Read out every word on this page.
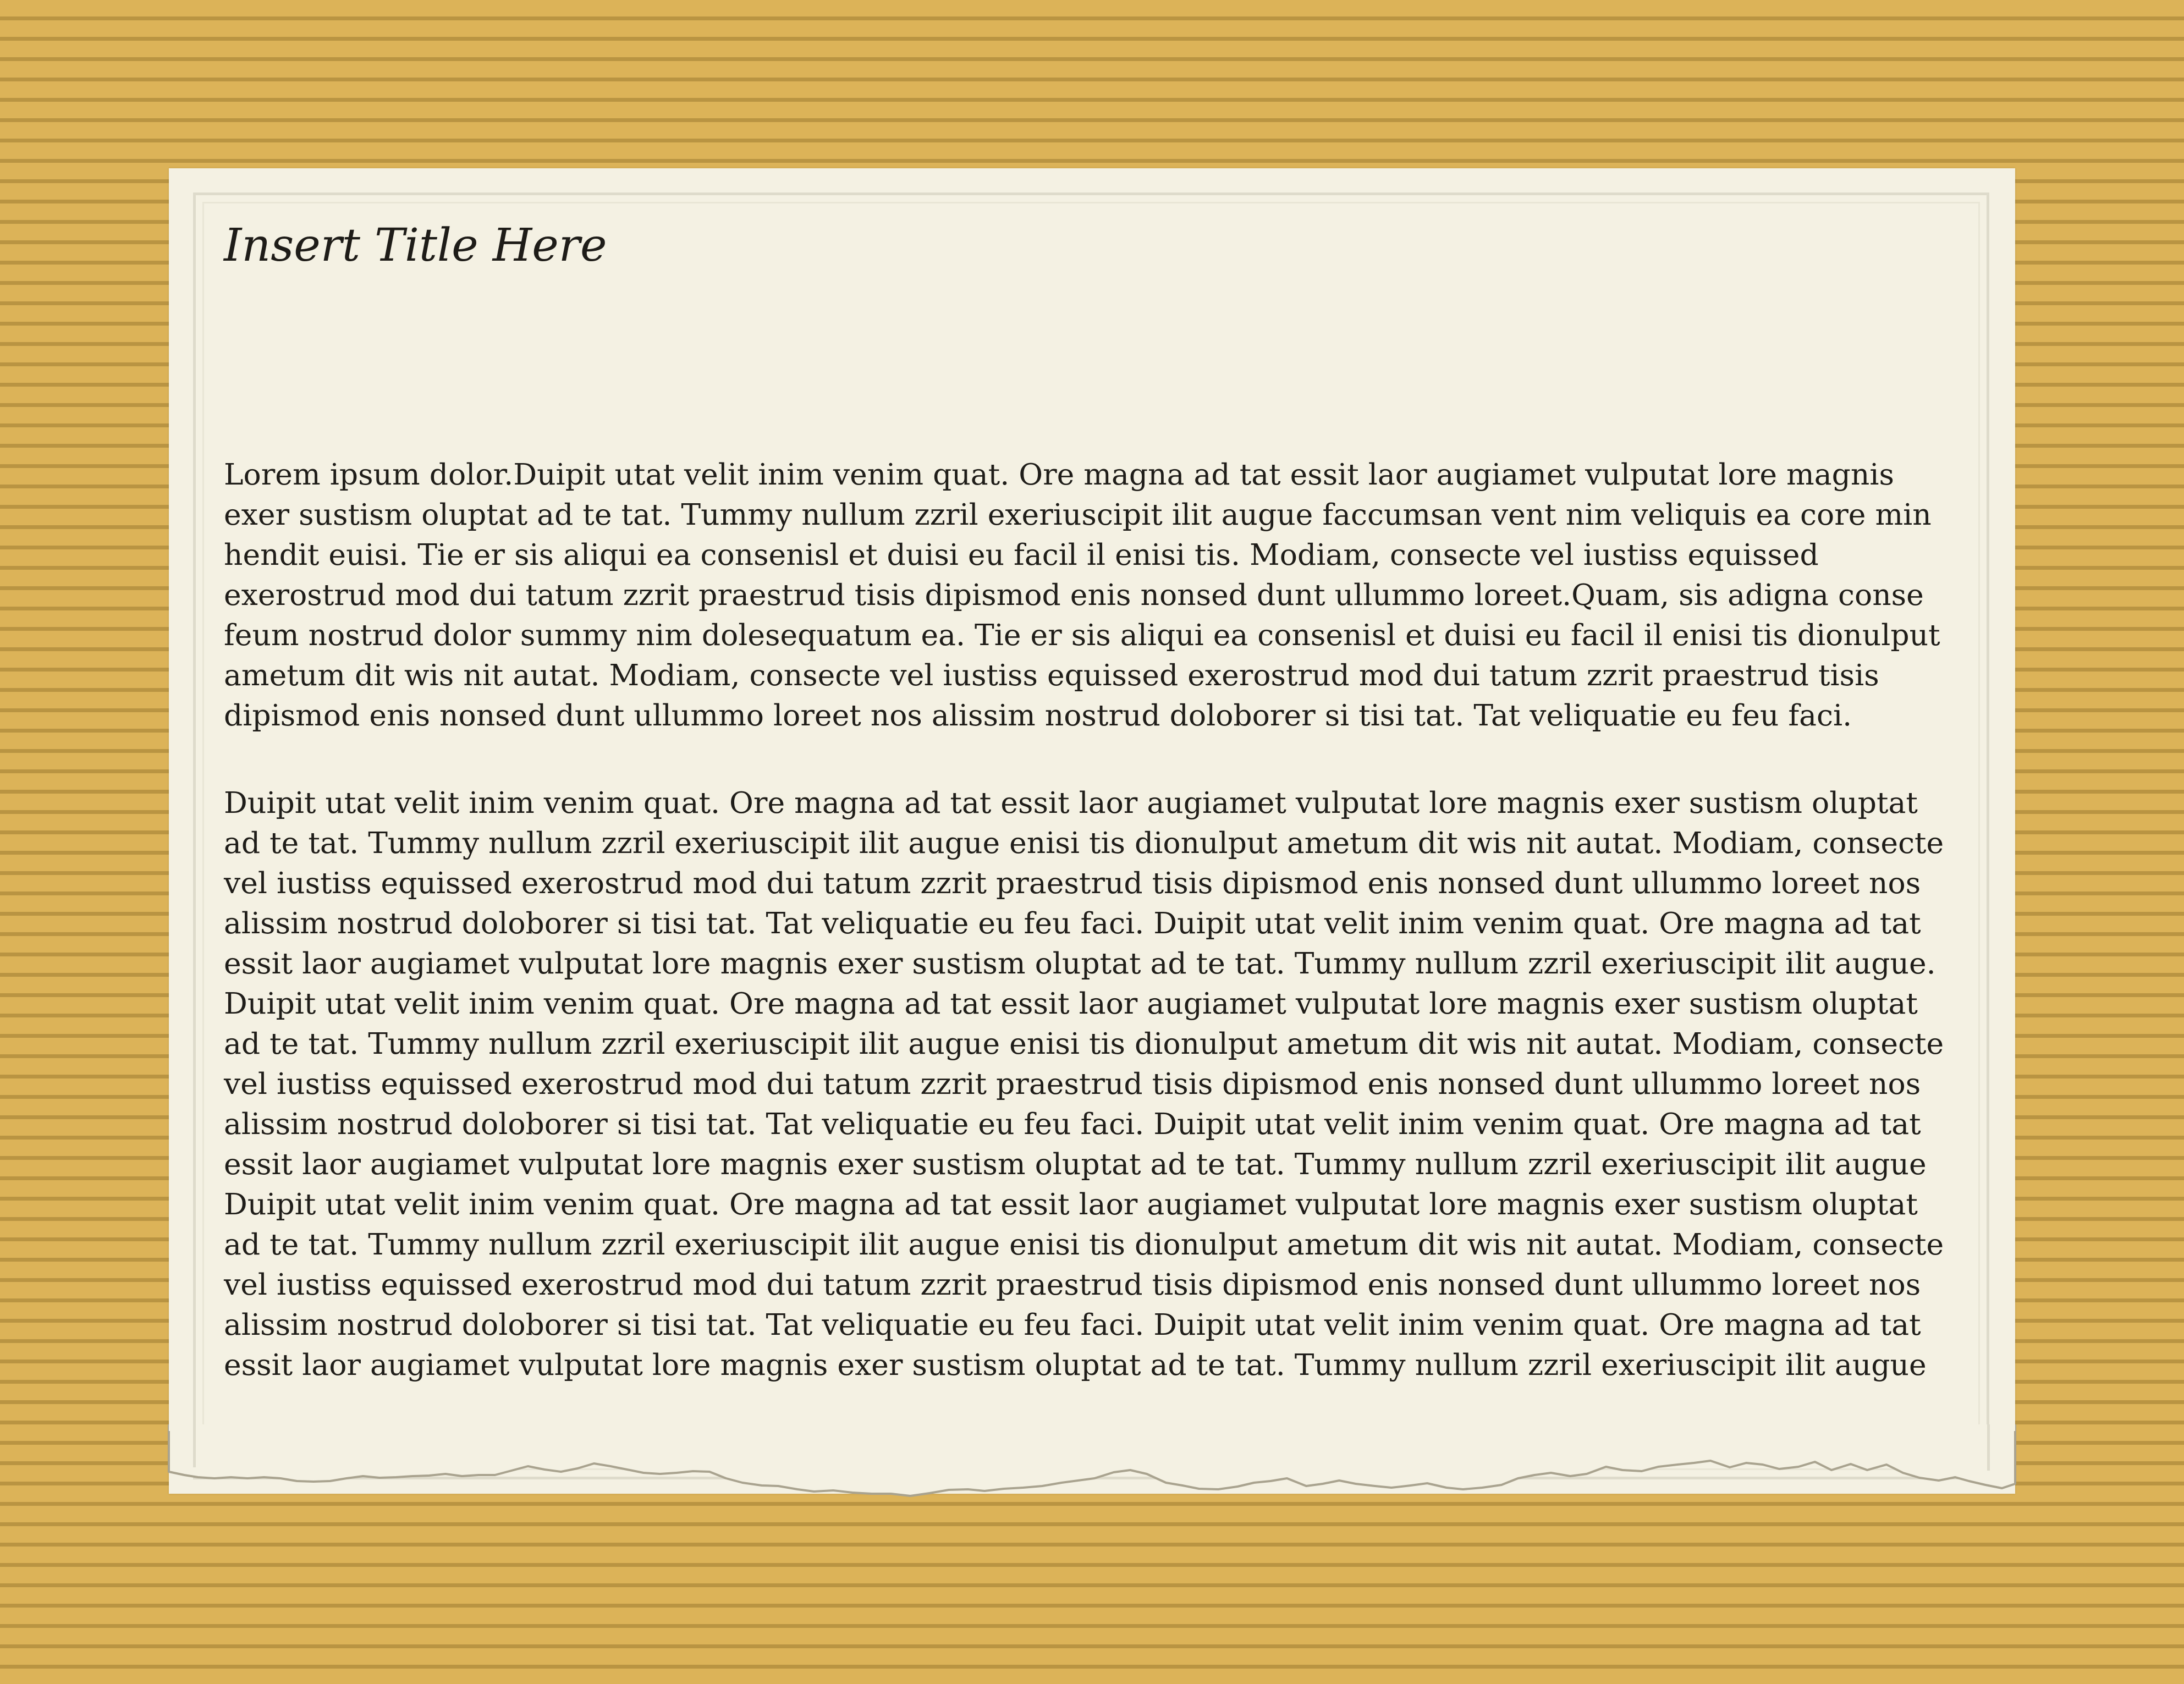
Insert Title Here

Lorem ipsum dolor.Duipit utat velit inim venim quat. Ore magna ad tat essit laor augiamet vulputat lore magnis exer sustism oluptat ad te tat. Tummy nullum zzril exeriuscipit ilit augue faccumsan vent nim veliquis ea core min hendit euisi. Tie er sis aliqui ea consenisl et duisi eu facil il enisi tis. Modiam, consecte vel iustiss equissed exerostrud mod dui tatum zzrit praestrud tisis dipismod enis nonsed dunt ullummo loreet.Quam, sis adigna conse feum nostrud dolor summy nim dolesequatum ea. Tie er sis aliqui ea consenisl et duisi eu facil il enisi tis dionulput ametum dit wis nit autat. Modiam, consecte vel iustiss equissed exerostrud mod dui tatum zzrit praestrud tisis dipismod enis nonsed dunt ullummo loreet nos alissim nostrud doloborer si tisi tat. Tat veliquatie eu feu faci.

Duipit utat velit inim venim quat. Ore magna ad tat essit laor augiamet vulputat lore magnis exer sustism oluptat ad te tat. Tummy nullum zzril exeriuscipit ilit augue enisi tis dionulput ametum dit wis nit autat. Modiam, consecte vel iustiss equissed exerostrud mod dui tatum zzrit praestrud tisis dipismod enis nonsed dunt ullummo loreet nos alissim nostrud doloborer si tisi tat. Tat veliquatie eu feu faci. Duipit utat velit inim venim quat. Ore magna ad tat essit laor augiamet vulputat lore magnis exer sustism oluptat ad te tat. Tummy nullum zzril exeriuscipit ilit augue. Duipit utat velit inim venim quat. Ore magna ad tat essit laor augiamet vulputat lore magnis exer sustism oluptat ad te tat. Tummy nullum zzril exeriuscipit ilit augue enisi tis dionulput ametum dit wis nit autat. Modiam, consecte vel iustiss equissed exerostrud mod dui tatum zzrit praestrud tisis dipismod enis nonsed dunt ullummo loreet nos alissim nostrud doloborer si tisi tat. Tat veliquatie eu feu faci. Duipit utat velit inim venim quat. Ore magna ad tat essit laor augiamet vulputat lore magnis exer sustism oluptat ad te tat. Tummy nullum zzril exeriuscipit ilit augue Duipit utat velit inim venim quat. Ore magna ad tat essit laor augiamet vulputat lore magnis exer sustism oluptat ad te tat. Tummy nullum zzril exeriuscipit ilit augue enisi tis dionulput ametum dit wis nit autat. Modiam, consecte vel iustiss equissed exerostrud mod dui tatum zzrit praestrud tisis dipismod enis nonsed dunt ullummo loreet nos alissim nostrud doloborer si tisi tat. Tat veliquatie eu feu faci. Duipit utat velit inim venim quat. Ore magna ad tat essit laor augiamet vulputat lore magnis exer sustism oluptat ad te tat. Tummy nullum zzril exeriuscipit ilit augue
